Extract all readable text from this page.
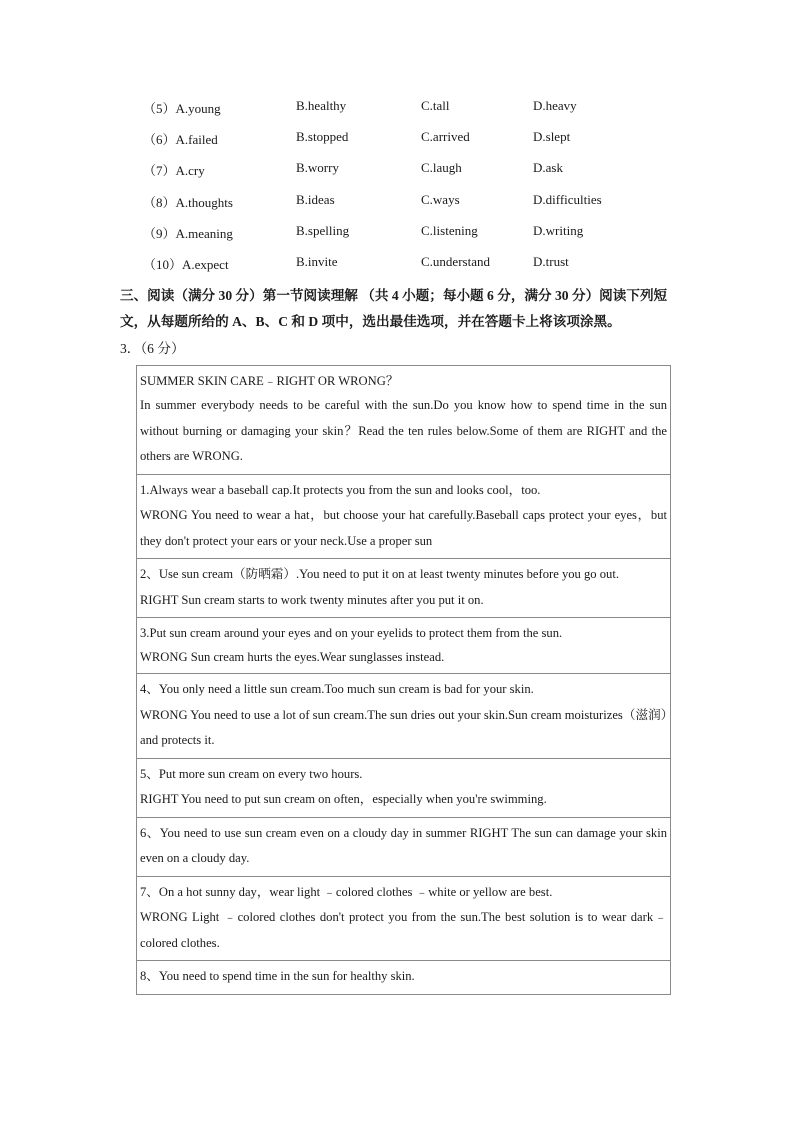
（5）A.young	B.healthy	C.tall	D.heavy
（6）A.failed	B.stopped	C.arrived	D.slept
（7）A.cry	B.worry	C.laugh	D.ask
（8）A.thoughts	B.ideas	C.ways	D.difficulties
（9）A.meaning	B.spelling	C.listening	D.writing
（10）A.expect	B.invite	C.understand	D.trust
三、阅读（满分 30 分）第一节阅读理解 （共 4 小题；每小题 6 分，满分 30 分）阅读下列短文，从每题所给的 A、B、C 和 D 项中，选出最佳选项，并在答题卡上将该项涂黑。
3．（6 分）
SUMMER SKIN CARE﹣RIGHT OR WRONG？
In summer everybody needs to be careful with the sun.Do you know how to spend time in the sun without burning or damaging your skin？Read the ten rules below.Some of them are RIGHT and the others are WRONG.

1.Always wear a baseball cap.It protects you from the sun and looks cool，too.
WRONG You need to wear a hat，but choose your hat carefully.Baseball caps protect your eyes，but they don't protect your ears or your neck.Use a proper sun

2、Use sun cream（防晒霜）.You need to put it on at least twenty minutes before you go out.
RIGHT Sun cream starts to work twenty minutes after you put it on.

3.Put sun cream around your eyes and on your eyelids to protect them from the sun.
WRONG Sun cream hurts the eyes.Wear sunglasses instead.

4、You only need a little sun cream.Too much sun cream is bad for your skin.
WRONG You need to use a lot of sun cream.The sun dries out your skin.Sun cream moisturizes（滋润）and protects it.

5、Put more sun cream on every two hours.
RIGHT You need to put sun cream on often，especially when you're swimming.

6、You need to use sun cream even on a cloudy day in summer RIGHT The sun can damage your skin even on a cloudy day.

7、On a hot sunny day，wear light ﹣colored clothes ﹣white or yellow are best.
WRONG Light ﹣colored clothes don't protect you from the sun.The best solution is to wear dark﹣colored clothes.

8、You need to spend time in the sun for healthy skin.
